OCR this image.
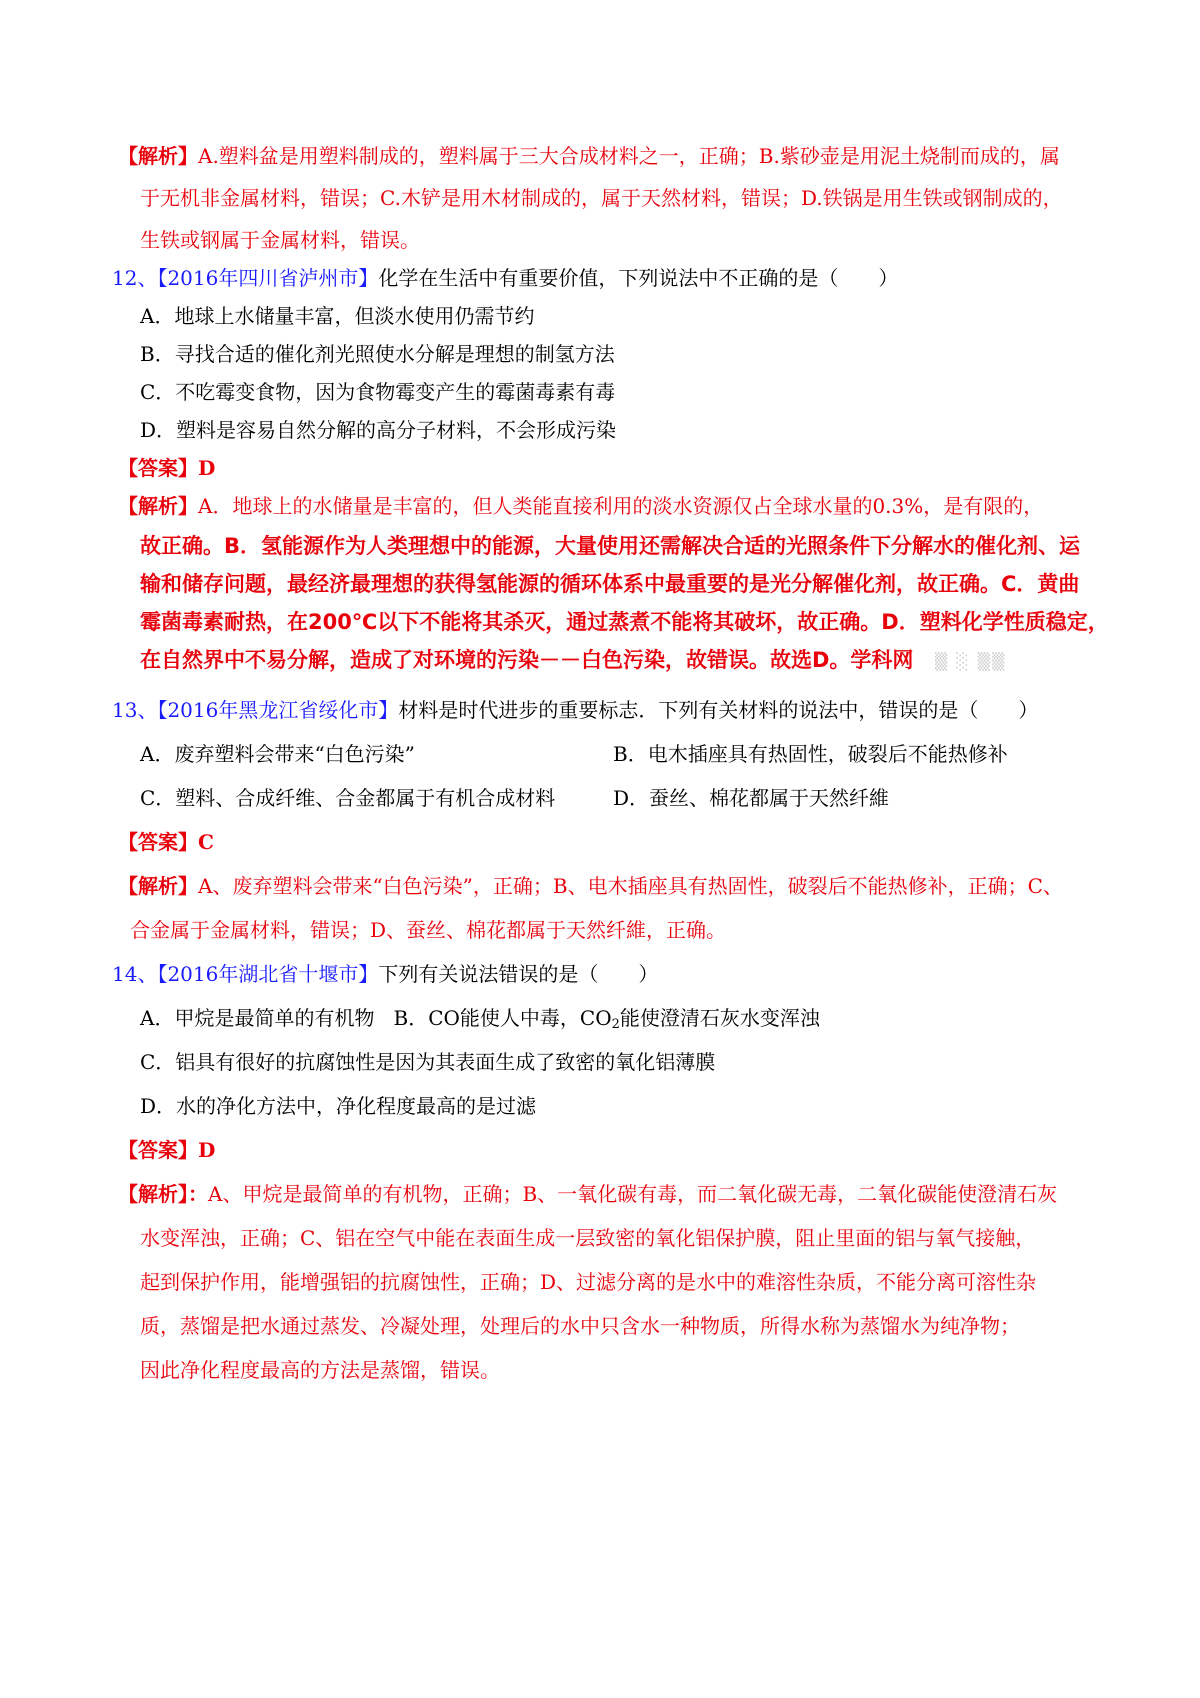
【解析】A.塑料盆是用塑料制成的，塑料属于三大合成材料之一，正确；B.紫砂壶是用泥土烧制而成的，属
于无机非金属材料，错误；C.木铲是用木材制成的，属于天然材料，错误；D.铁锅是用生铁或钢制成的，
生铁或钢属于金属材料，错误。
12、【2016年四川省泸州市】化学在生活中有重要价值，下列说法中不正确的是（　　）
A．地球上水储量丰富，但淡水使用仍需节约
B．寻找合适的催化剂光照使水分解是理想的制氢方法
C．不吃霉变食物，因为食物霉变产生的霉菌毒素有毒
D．塑料是容易自然分解的高分子材料，不会形成污染
【答案】D
【解析】A．地球上的水储量是丰富的，但人类能直接利用的淡水资源仅占全球水量的0.3%，是有限的，
故正确。B．氢能源作为人类理想中的能源，大量使用还需解决合适的光照条件下分解水的催化剂、运
输和储存问题，最经济最理想的获得氢能源的循环体系中最重要的是光分解催化剂，故正确。C．黄曲
霉菌毒素耐热，在200℃以下不能将其杀灭，通过蒸煮不能将其破坏，故正确。D．塑料化学性质稳定，
在自然界中不易分解，造成了对环境的污染－－白色污染，故错误。故选D。学科网 ▒ ░ ▒▒
13、【2016年黑龙江省绥化市】材料是时代进步的重要标志．下列有关材料的说法中，错误的是（　　）
A．废弃塑料会带来“白色污染”	B．电木插座具有热固性，破裂后不能热修补
C．塑料、合成纤维、合金都属于有机合成材料	D．蚕丝、棉花都属于天然纤維
【答案】C
【解析】A、废弃塑料会带来“白色污染”，正确；B、电木插座具有热固性，破裂后不能热修补，正确；C、
合金属于金属材料，错误；D、蚕丝、棉花都属于天然纤維，正确。
14、【2016年湖北省十堰市】下列有关说法错误的是（　　）
A．甲烷是最简单的有机物 B．CO能使人中毒，$CO_2$能使澄清石灰水变浑浊
C．铝具有很好的抗腐蚀性是因为其表面生成了致密的氧化铝薄膜
D．水的净化方法中，净化程度最高的是过滤
【答案】D
【解析】：A、甲烷是最简单的有机物，正确；B、一氧化碳有毒，而二氧化碳无毒，二氧化碳能使澄清石灰
水变浑浊，正确；C、铝在空气中能在表面生成一层致密的氧化铝保护膜，阻止里面的铝与氧气接触，
起到保护作用，能增强铝的抗腐蚀性，正确；D、过滤分离的是水中的难溶性杂质，不能分离可溶性杂
质，蒸馏是把水通过蒸发、冷凝处理，处理后的水中只含水一种物质，所得水称为蒸馏水为纯净物；
因此净化程度最高的方法是蒸馏，错误。
